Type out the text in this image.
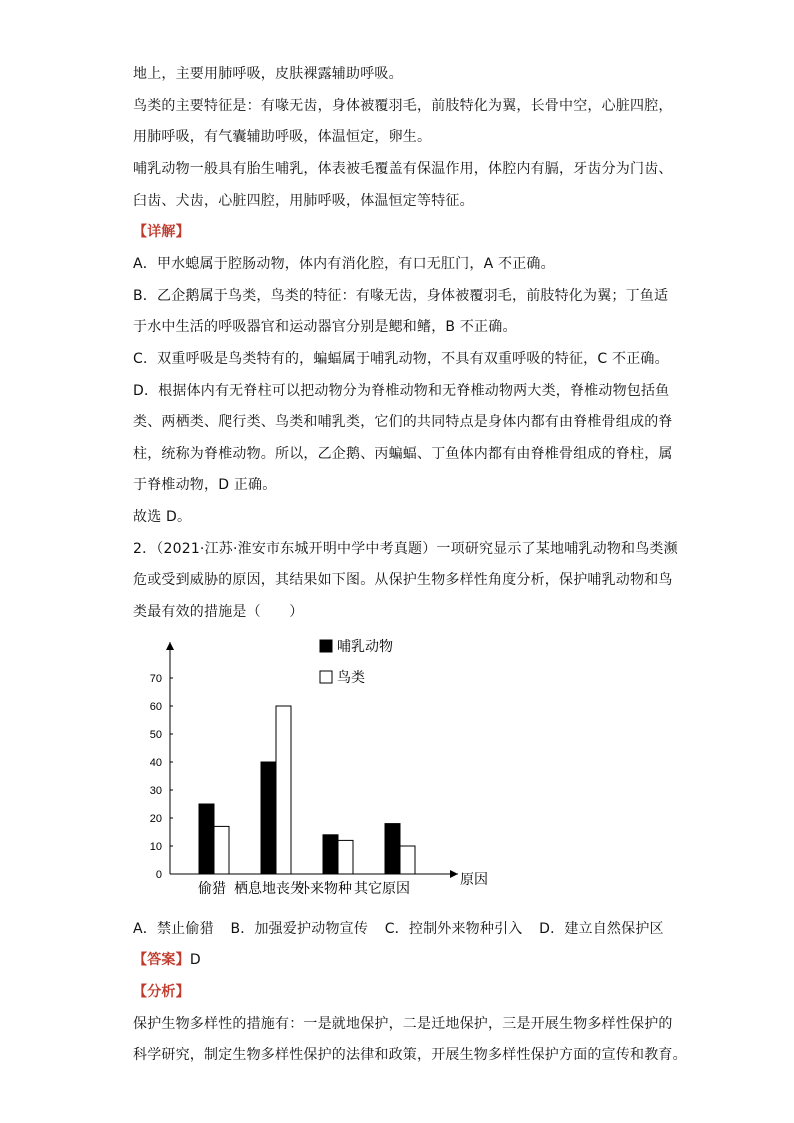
地上，主要用肺呼吸，皮肤裸露辅助呼吸。
鸟类的主要特征是：有喙无齿，身体被覆羽毛，前肢特化为翼，长骨中空，心脏四腔，
用肺呼吸，有气囊辅助呼吸，体温恒定，卵生。
哺乳动物一般具有胎生哺乳，体表被毛覆盖有保温作用，体腔内有膈，牙齿分为门齿、
臼齿、犬齿，心脏四腔，用肺呼吸，体温恒定等特征。
【详解】
A．甲水螅属于腔肠动物，体内有消化腔，有口无肛门，A 不正确。
B．乙企鹅属于鸟类，鸟类的特征：有喙无齿，身体被覆羽毛，前肢特化为翼；丁鱼适
于水中生活的呼吸器官和运动器官分别是鳃和鳍，B 不正确。
C．双重呼吸是鸟类特有的，蝙蝠属于哺乳动物，不具有双重呼吸的特征，C 不正确。
D．根据体内有无脊柱可以把动物分为脊椎动物和无脊椎动物两大类，脊椎动物包括鱼
类、两栖类、爬行类、鸟类和哺乳类，它们的共同特点是身体内都有由脊椎骨组成的脊
柱，统称为脊椎动物。所以，乙企鹅、丙蝙蝠、丁鱼体内都有由脊椎骨组成的脊柱，属
于脊椎动物，D 正确。
故选 D。
2．（2021·江苏·淮安市东城开明中学中考真题）一项研究显示了某地哺乳动物和鸟类濒
危或受到威胁的原因，其结果如下图。从保护生物多样性角度分析，保护哺乳动物和鸟
类最有效的措施是（　　）
0
10
20
30
40
50
60
70
偷猎 栖息地丧失
外来物种 其它原因
原因
哺乳动物
鸟类
A．禁止偷猎 B．加强爱护动物宣传 C．控制外来物种引入 D．建立自然保护区
【答案】D
【分析】
保护生物多样性的措施有：一是就地保护，二是迁地保护，三是开展生物多样性保护的
科学研究，制定生物多样性保护的法律和政策，开展生物多样性保护方面的宣传和教育。
